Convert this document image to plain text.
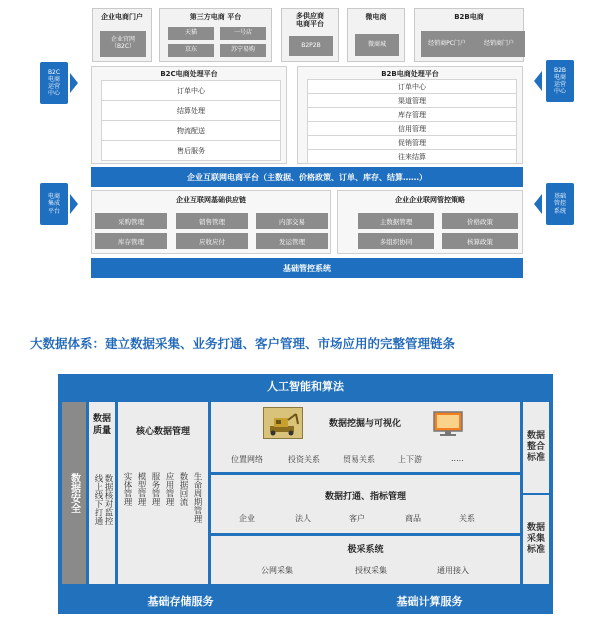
企业电商门户
企业官网
（B2C）
第三方电商 平台
天猫	一号店
京东	苏宁易购
多供应商
电商平台
B2P2B
微电商
微商城
B2B电商
经销商PC门户	经销商门户
B2C
电商
运营
中心
B2B
电商
运营
中心
B2C电商处理平台
订单中心
结算处理
物流配送
售后服务
B2B电商处理平台
订单中心
渠道管理
库存管理
信用管理
促销管理
往来结算
企业互联网电商平台（主数据、价格政策、订单、库存、结算……）
电商
集成
平台
基础
管控
系统
企业互联网基础供应链
采购管理	销售管理	内部交易
库存管理	应收应付	发运管理
企业企业联网管控策略
主数据管理	价格政策
多组织协同	核算政策
基础管控系统
大数据体系：建立数据采集、业务打通、客户管理、市场应用的完整管理链条
人工智能和算法
数据安全
数据质量
线上线下打通 数据核对监控
核心数据管理
实体管理 模型管理 服务管理 应用管理 数据回流 生命周期管理
数据挖掘与可视化
位置网络	投资关系	贸易关系	上下游	.....
数据打通、指标管理
企业	法人	客户	商品	关系
极采系统
公网采集	授权采集	通用接入
数据整合标准
数据采集标准
基础存储服务	基础计算服务
